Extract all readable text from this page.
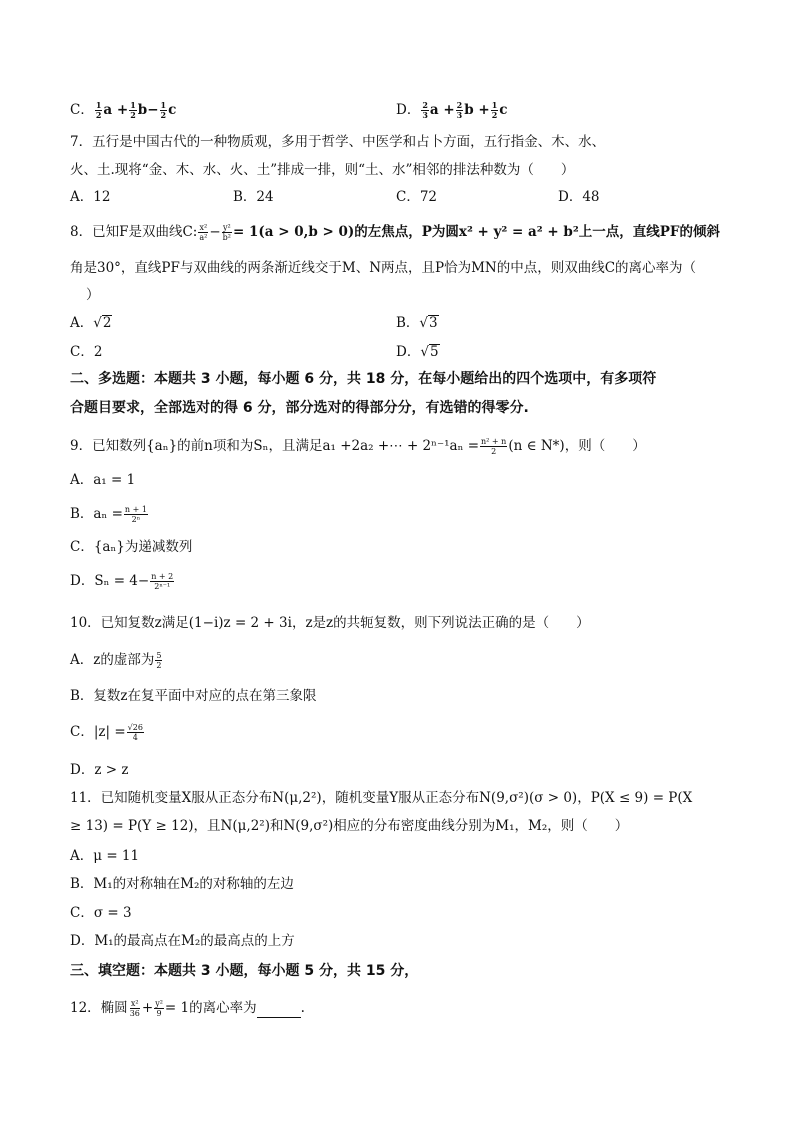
C． $\frac{1}{2}$ $a + \frac{1}{2} b- \frac{1}{2}$ c	D． $\frac{2}{3}$ $a + \frac{2}{3}$ $b + \frac{1}{2}$ c
7．五行是中国古代的一种物质观，多用于哲学、中医学和占卜方面，五行指金、木、水、
火、土.现将“金、木、水、火、土”排成一排，则“土、水”相邻的排法种数为（　　）
A．12	B．24	C．72	D．48
8．已知F是双曲线C: $\frac{\text{x²}}{\text{a²}} - \frac{\text{y²}}{\text{b²}} = 1(a > 0,b > 0)$的左焦点，P为圆x² + y² = a² + b²上一点，直线PF的倾斜
角是30°，直线PF与双曲线的两条渐近线交于M、N两点，且P恰为MN的中点，则双曲线C的离心率为（
）
A．√2	B．√3
C．2	D．√5
二、多选题：本题共 3 小题，每小题 6 分，共 18 分，在每小题给出的四个选项中，有多项符
合题目要求，全部选对的得 6 分，部分选对的得部分分，有选错的得零分.
9．已知数列{aₙ}的前n项和为Sₙ，且满足a₁ +2a₂ +⋯ + $2^{n-1}a_n = \frac{\text{n² + n}}{2} (n$ ∈ N*)，则（　　）
A．a₁ = 1
B．$a_n = \frac{n + 1}{\text{2ⁿ}}$
C．{aₙ}为递减数列
D．$S_n = 4- \frac{n + 2}{\text{2ⁿ⁻¹}}$
10．已知复数z满足(1−i)z = 2 + 3i，z是z的共轭复数，则下列说法正确的是（　　）
A．z的虚部为 $\frac{5}{2}$
B．复数z在复平面中对应的点在第三象限
C．$|z| = \frac{√26}{4}$
D．z > z
11．已知随机变量X服从正态分布N(μ,2²)，随机变量Y服从正态分布N(9,σ²)(σ > 0)，P(X ≤ 9) = P(X
≥ 13) = P(Y ≥ 12)，且N(μ,2²)和N(9,σ²)相应的分布密度曲线分别为M₁，M₂，则（　　）
A．μ = 11
B．M₁的对称轴在M₂的对称轴的左边
C．σ = 3
D．M₁的最高点在M₂的最高点的上方
三、填空题：本题共 3 小题，每小题 5 分，共 15 分，
12．椭圆 $\frac{\text{x²}}{36} + \frac{\text{y²}}{9} = 1$的离心率为	.
